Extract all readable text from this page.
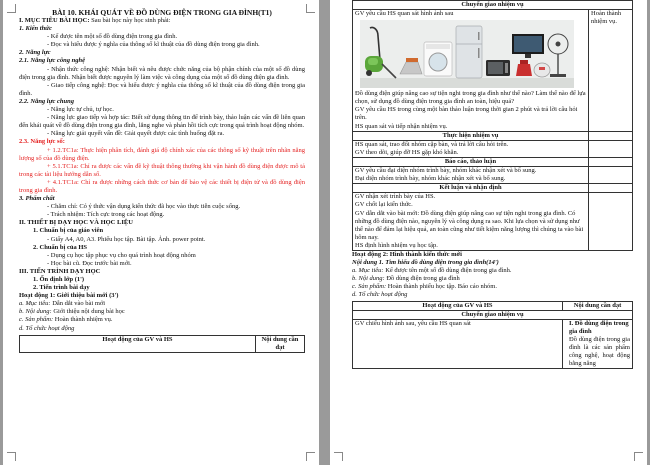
BÀI 10. KHÁI QUÁT VỀ ĐỒ DÙNG ĐIỆN TRONG GIA ĐÌNH(T1)

I. MỤC TIÊU BÀI HỌC: Sau bài học này học sinh phải:

1. Kiến thức

- Kể được tên một số đồ dùng điện trong gia đình.

- Đọc và hiểu được ý nghĩa của thông số kĩ thuật của đồ dùng điện trong gia đình.

2. Năng lực

2.1. Năng lực công nghệ

- Nhận thức công nghệ: Nhận biết và nêu được chức năng của bộ phận chính của một số đồ dùng điện trong gia đình. Nhận biết được nguyên lý làm việc và công dụng của một số đồ dùng điện gia đình.

- Giao tiếp công nghệ: Đọc và hiểu được ý nghĩa của thông số kĩ thuật của đồ dùng điện trong gia đình.

2.2. Năng lực chung

- Năng lực tự chủ, tự học.

- Năng lực giao tiếp và hợp tác: Biết sử dụng thông tin để trình bày, thảo luận các vấn đề liên quan đến khái quát về đồ dùng điện trong gia đình, lắng nghe và phản hồi tích cực trong quá trình hoạt động nhóm.

- Năng lực giải quyết vấn đề: Giải quyết được các tình huống đặt ra.

2.3. Năng lực số:

+ 1.2.TC1a: Thực hiện phân tích, đánh giá độ chính xác của các thông số kỹ thuật trên nhãn năng lượng số của đồ dùng điện.

+ 5.1.TC1a: Chỉ ra được các vấn đề kỹ thuật thông thường khi vận hành đồ dùng điện được mô tả trong các tài liệu hướng dẫn số.

+ 4.1.TC1a: Chỉ ra được những cách thức cơ bản để bảo vệ các thiết bị điện tử và đồ dùng điện trong gia đình.

3. Phẩm chất

- Chăm chỉ: Có ý thức vận dụng kiến thức đã học vào thực tiễn cuộc sống.

- Trách nhiệm: Tích cực trong các hoạt động.

II. THIẾT BỊ DẠY HỌC VÀ HỌC LIỆU

1. Chuẩn bị của giáo viên

- Giấy A4, A0, A3. Phiếu học tập. Bài tập. Ảnh. power point.

2. Chuẩn bị của HS

- Dụng cụ học tập phục vụ cho quá trình hoạt động nhóm

- Học bài cũ. Đọc trước bài mới.

III. TIẾN TRÌNH DẠY HỌC

1. Ổn định lớp (1')

2. Tiến trình bài dạy

Hoạt động 1: Giới thiệu bài mới (3')

a. Mục tiêu: Dẫn dắt vào bài mới

b. Nội dung: Giới thiệu nội dung bài học

c. Sản phẩm: Hoàn thành nhiệm vụ.

d. Tổ chức hoạt động

Hoạt động của GV và HS	Nội dung cần đạt
Chuyển giao nhiệm vụ	

GV yêu cầu HS quan sát hình ảnh sau
Đồ dùng điện giúp nâng cao sự tiện nghi trong gia đình như thế nào? Làm thế nào để lựa chọn, sử dụng đồ dùng điện trong gia đình an toàn, hiệu quả?
GV yêu cầu HS trong cùng một bàn thảo luận trong thời gian 2 phút và trả lời câu hỏi trên.
HS quan sát và tiếp nhận nhiệm vụ.	Hoàn thành nhiệm vụ.
Thực hiện nhiệm vụ	

HS quan sát, trao đổi nhóm cặp bàn, và trả lời câu hỏi trên.
GV theo dõi, giúp đỡ HS gặp khó khăn.	

Báo cáo, thảo luận	

GV yêu cầu đại diện nhóm trình bày, nhóm khác nhận xét và bổ sung.
Đại diện nhóm trình bày, nhóm khác nhận xét và bổ sung.	

Kết luận và nhận định	

GV nhận xét trình bày của HS.
GV chốt lại kiến thức.
GV dẫn dắt vào bài mới: Đồ dùng điện giúp nâng cao sự tiện nghi trong gia đình. Có những đồ dùng điện nào, nguyên lý và công dụng ra sao. Khi lựa chọn và sử dụng như thế nào để đảm lại hiệu quả, an toàn cũng như tiết kiệm năng lượng thì chúng ta vào bài hôm nay.
HS định hình nhiệm vụ học tập.	

Hoạt động 2: Hình thành kiến thức mới

Nội dung 1. Tìm hiểu đồ dùng điện trong gia đình(14')

a. Mục tiêu: Kể được tên một số đồ dùng điện trong gia đình.

b. Nội dung: Đồ dùng điện trong gia đình

c. Sản phẩm: Hoàn thành phiếu học tập. Báo cáo nhóm.

d. Tổ chức hoạt động

Hoạt động của GV và HS	Nội dung cần đạt
Chuyển giao nhiệm vụ	
GV chiếu hình ảnh sau, yêu cầu HS quan sát	I. Đồ dùng điện trong gia đình
Đồ dùng điện trong gia đình là các sản phẩm công nghệ, hoạt động bằng năng
